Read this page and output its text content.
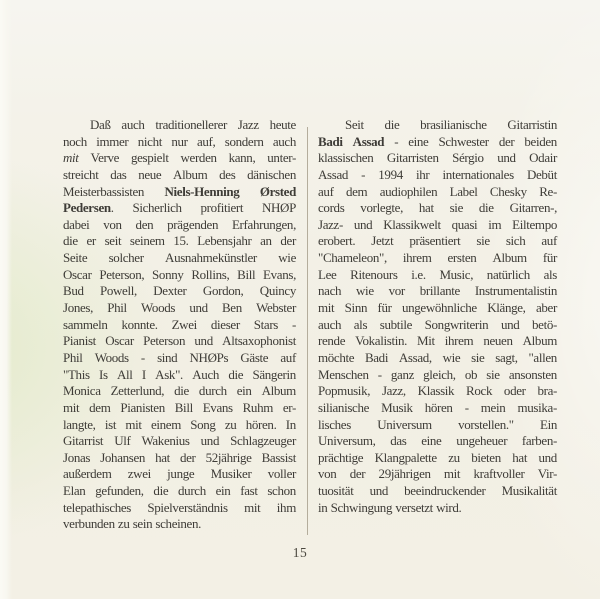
Daß auch traditionellerer Jazz heute
noch immer nicht nur auf, sondern auch
mit Verve gespielt werden kann, unter-
streicht das neue Album des dänischen
Meisterbassisten Niels-Henning Ørsted
Pedersen. Sicherlich profitiert NHØP
dabei von den prägenden Erfahrungen,
die er seit seinem 15. Lebensjahr an der
Seite solcher Ausnahmekünstler wie
Oscar Peterson, Sonny Rollins, Bill Evans,
Bud Powell, Dexter Gordon, Quincy
Jones, Phil Woods und Ben Webster
sammeln konnte. Zwei dieser Stars -
Pianist Oscar Peterson und Altsaxophonist
Phil Woods - sind NHØPs Gäste auf
"This Is All I Ask". Auch die Sängerin
Monica Zetterlund, die durch ein Album
mit dem Pianisten Bill Evans Ruhm er-
langte, ist mit einem Song zu hören. In
Gitarrist Ulf Wakenius und Schlagzeuger
Jonas Johansen hat der 52jährige Bassist
außerdem zwei junge Musiker voller
Elan gefunden, die durch ein fast schon
telepathisches Spielverständnis mit ihm
verbunden zu sein scheinen.
Seit die brasilianische Gitarristin
Badi Assad - eine Schwester der beiden
klassischen Gitarristen Sérgio und Odair
Assad - 1994 ihr internationales Debüt
auf dem audiophilen Label Chesky Re-
cords vorlegte, hat sie die Gitarren-,
Jazz- und Klassikwelt quasi im Eiltempo
erobert. Jetzt präsentiert sie sich auf
"Chameleon", ihrem ersten Album für
Lee Ritenours i.e. Music, natürlich als
nach wie vor brillante Instrumentalistin
mit Sinn für ungewöhnliche Klänge, aber
auch als subtile Songwriterin und betö-
rende Vokalistin. Mit ihrem neuen Album
möchte Badi Assad, wie sie sagt, "allen
Menschen - ganz gleich, ob sie ansonsten
Popmusik, Jazz, Klassik Rock oder bra-
silianische Musik hören - mein musika-
lisches Universum vorstellen." Ein
Universum, das eine ungeheuer farben-
prächtige Klangpalette zu bieten hat und
von der 29jährigen mit kraftvoller Vir-
tuosität und beeindruckender Musikalität
in Schwingung versetzt wird.
15
